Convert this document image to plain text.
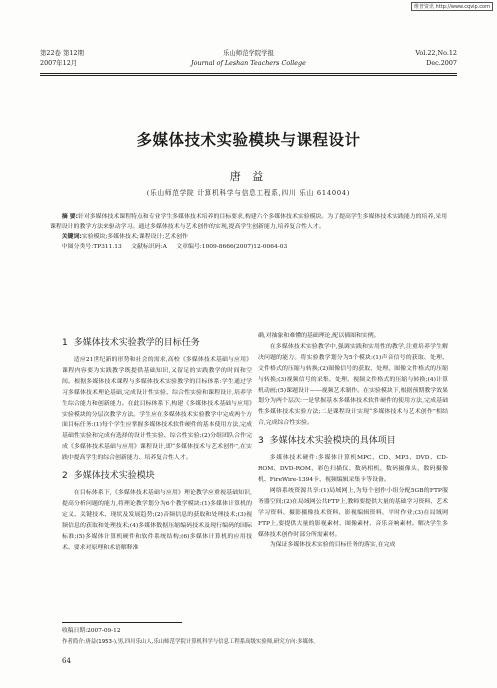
维普资讯 http://www.cqvip.com
第22卷 第12期
2007年12月
乐山师范学院学报
Journal of Leshan Teachers College
Vol.22,No.12
Dec.2007
多媒体技术实验模块与课程设计
唐 益
(乐山师范学院 计算机科学与信息工程系,四川 乐山 614004)
摘 要:针对多媒体技术课程特点和专业学生多媒体技术培养的目标要求,构建六个多媒体技术实验模块。为了提高学生多媒体技术实践能力的培养,采用课程设计的教学方法来驱动学习。通过多媒体技术与艺术创作的实现,提高学生创新能力,培养复合性人才。
关键词:实验模块;多媒体技术;课程设计;艺术创作
中图分类号:TP311.13 文献标识码:A 文章编号:1009-8666(2007)12-0064-03
1 多媒体技术实验教学的目标任务

适应21世纪新的形势和社会的需求,高校《多媒体技术基础与应用》课程内容要为实践教学既提供基础知识,又留足的实践教学的时间和空间。根据多媒体技术课程与多媒体技术实验教学的目标体系:学生通过学习多媒体技术理论基础,完成设计性实验、综合性实验和课程设计,培养学生综合能力和创新能力。在此目标体系下,构建《多媒体技术基础与应用》实验模块的分层次教学方法。学生应在多媒体技术实验教学中完成两个方面目标任务:(1)每个学生应掌握多媒体技术软件硬件的基本使用方法,完成基础性实验和完成有选择的设计性实验、综合性实验;(2)分组团队合作完成《多媒体技术基础与应用》课程设计,即“多媒体技术与艺术创作”,在实践中提高学生的综合创新能力、培养复合性人才。

2 多媒体技术实验模块

在目标体系下,《多媒体技术基础与应用》理论教学应重视基础知识,提高分析问题的能力,将理论教学划分为6个教学模块:(1)多媒体计算机的定义、关键技术、现状及发展趋势;(2)音频信息的获取和处理技术;(3)视频信息的获取和处理技术;(4)多媒体数据压缩编码技术及现行编码的国际标准;(5)多媒体计算机硬件和软件系统结构;(6)多媒体计算机的应用技术。要求对原理和术语解释准

确,对抽象和难懂的基础理论,配以插图和实例。

在多媒体技术实验教学中,强调实践和实用性的教学,注重培养学生解决问题的能力。将实验教学划分为5个模块:(1)声音信号的获取、处理、文件格式的压缩与转换;(2)图像信号的获取、处理、图像文件格式的压缩与转换;(3)视频信号的采集、处理、视频文件格式的压缩与转换;(4)计算机动画;(5)课题设计——视频艺术制作。在实验模块下,根据预期教学效果划分为两个层次:一是掌握基本多媒体技术软件硬件的使用方法,完成基础性多媒体技术实验方法;二是课程设计实现“多媒体技术与艺术创作”相结合,完成综合性实验。

3 多媒体技术实验模块的具体项目

多媒体技术硬件:多媒体计算机MPC、CD、MP3、DVD、CD-ROM、DVD-ROM、彩色扫描仪、数码相机、数码摄像头、数码摄像机、FireWire-1394卡、视频编辑采集卡等设备。

网络系统资源共享:(1)局域网上,为每个创作小组分配5GB的FTP服务器空间;(2)在局域网公共FTP上,教师要提供大量的基础学习资料、艺术学习资料、摄影摄像技术资料、影视编辑资料、平时作业;(3)在局域网FTP上,要提供大量的影视素材、图像素材、音乐音响素材。解决学生多媒体技术创作时部分所需素材。

为保证多媒体技术实验的目标任务的落实,在完成

收稿日期:2007-09-12
作者简介:唐益(1953-),男,四川乐山人,乐山师范学院计算机科学与信息工程系高级实验师,研究方向:多媒体。
64
